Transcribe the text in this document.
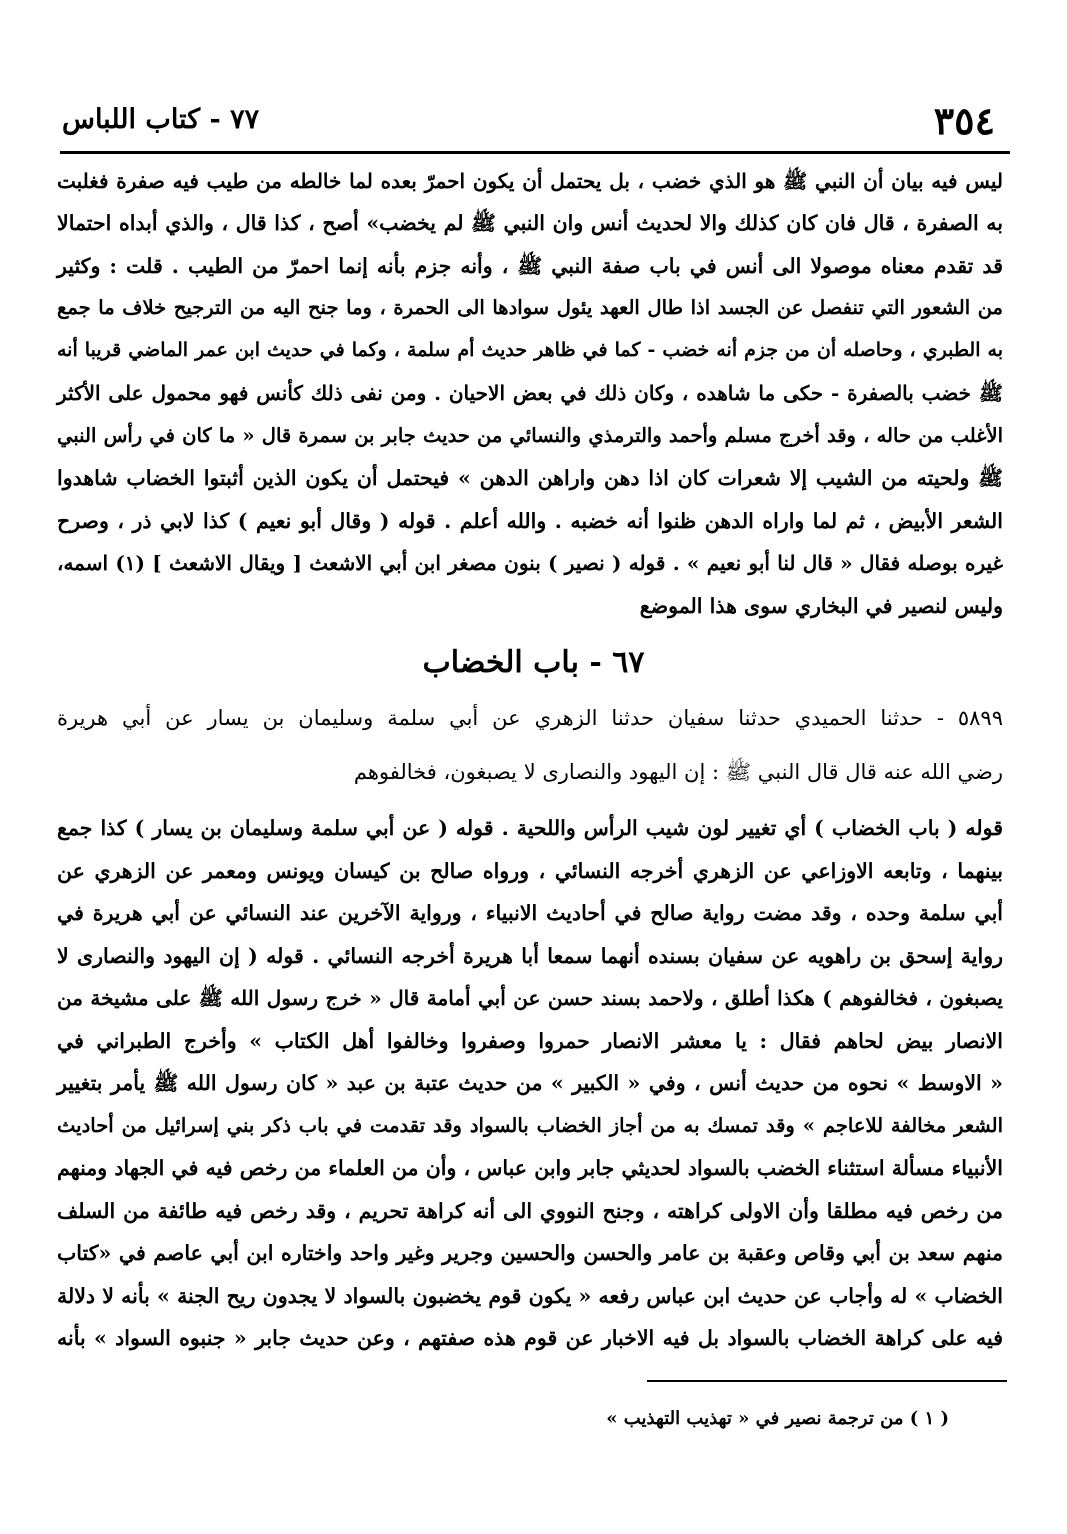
٣٥٤
٧٧ - كتاب اللباس
ليس فيه بيان أن النبي ﷺ هو الذي خضب ، بل يحتمل أن يكون احمرّ بعده لما خالطه من طيب فيه صفرة فغلبت
به الصفرة ، قال فان كان كذلك والا لحديث أنس وان النبي ﷺ لم يخضب» أصح ، كذا قال ، والذي أبداه احتمالا
قد تقدم معناه موصولا الى أنس في باب صفة النبي ﷺ ، وأنه جزم بأنه إنما احمرّ من الطيب . قلت : وكثير
من الشعور التي تنفصل عن الجسد اذا طال العهد يئول سوادها الى الحمرة ، وما جنح اليه من الترجيح خلاف ما جمع
به الطبري ، وحاصله أن من جزم أنه خضب - كما في ظاهر حديث أم سلمة ، وكما في حديث ابن عمر الماضي قريبا أنه
ﷺ خضب بالصفرة - حكى ما شاهده ، وكان ذلك في بعض الاحيان . ومن نفى ذلك كأنس فهو محمول على الأكثر
الأغلب من حاله ، وقد أخرج مسلم وأحمد والترمذي والنسائي من حديث جابر بن سمرة قال « ما كان في رأس النبي
ﷺ ولحيته من الشيب إلا شعرات كان اذا دهن واراهن الدهن » فيحتمل أن يكون الذين أثبتوا الخضاب شاهدوا
الشعر الأبيض ، ثم لما واراه الدهن ظنوا أنه خضبه . والله أعلم . قوله ( وقال أبو نعيم ) كذا لابي ذر ، وصرح
غيره بوصله فقال « قال لنا أبو نعيم » . قوله ( نصير ) بنون مصغر ابن أبي الاشعث [ ويقال الاشعث ] (١) اسمه،
وليس لنصير في البخاري سوى هذا الموضع
٦٧ - باب الخضاب
٥٨٩٩ - حدثنا الحميدي حدثنا سفيان حدثنا الزهري عن أبي سلمة وسليمان بن يسار عن أبي هريرة
رضي الله عنه قال قال النبي ﷺ : إن اليهود والنصارى لا يصبغون، فخالفوهم
قوله ( باب الخضاب ) أي تغيير لون شيب الرأس واللحية . قوله ( عن أبي سلمة وسليمان بن يسار ) كذا جمع
بينهما ، وتابعه الاوزاعي عن الزهري أخرجه النسائي ، ورواه صالح بن كيسان ويونس ومعمر عن الزهري عن
أبي سلمة وحده ، وقد مضت رواية صالح في أحاديث الانبياء ، ورواية الآخرين عند النسائي عن أبي هريرة في
رواية إسحق بن راهويه عن سفيان بسنده أنهما سمعا أبا هريرة أخرجه النسائي . قوله ( إن اليهود والنصارى لا
يصبغون ، فخالفوهم ) هكذا أطلق ، ولاحمد بسند حسن عن أبي أمامة قال « خرج رسول الله ﷺ على مشيخة من
الانصار بيض لحاهم فقال : يا معشر الانصار حمروا وصفروا وخالفوا أهل الكتاب » وأخرج الطبراني في
« الاوسط » نحوه من حديث أنس ، وفي « الكبير » من حديث عتبة بن عبد « كان رسول الله ﷺ يأمر بتغيير
الشعر مخالفة للاعاجم » وقد تمسك به من أجاز الخضاب بالسواد وقد تقدمت في باب ذكر بني إسرائيل من أحاديث
الأنبياء مسألة استثناء الخضب بالسواد لحديثي جابر وابن عباس ، وأن من العلماء من رخص فيه في الجهاد ومنهم
من رخص فيه مطلقا وأن الاولى كراهته ، وجنح النووي الى أنه كراهة تحريم ، وقد رخص فيه طائفة من السلف
منهم سعد بن أبي وقاص وعقبة بن عامر والحسن والحسين وجرير وغير واحد واختاره ابن أبي عاصم في «كتاب
الخضاب » له وأجاب عن حديث ابن عباس رفعه « يكون قوم يخضبون بالسواد لا يجدون ريح الجنة » بأنه لا دلالة
فيه على كراهة الخضاب بالسواد بل فيه الاخبار عن قوم هذه صفتهم ، وعن حديث جابر « جنبوه السواد » بأنه
( ١ ) من ترجمة نصير في « تهذيب التهذيب »
